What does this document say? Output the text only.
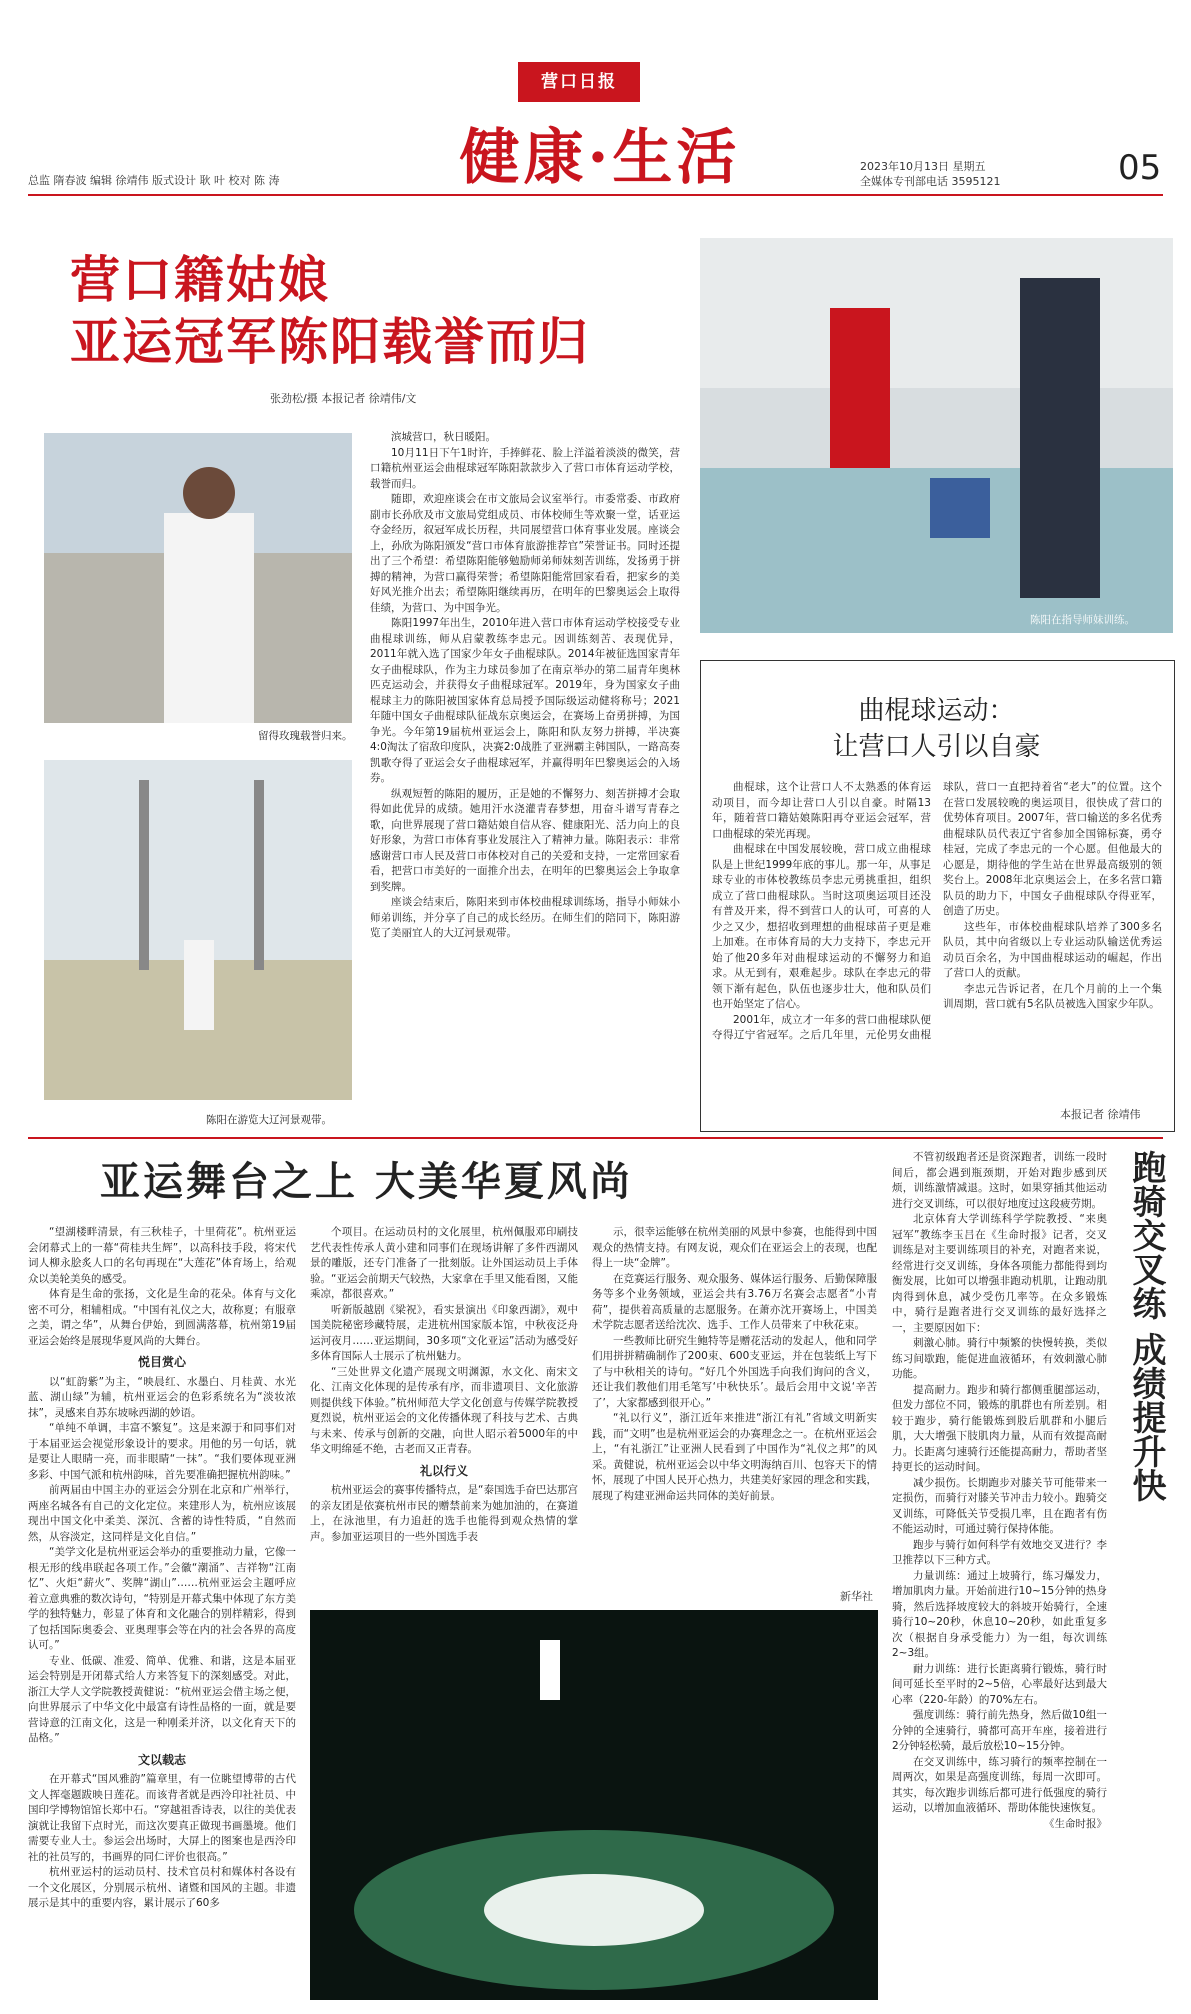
营口日报
健康·生活
总监 隋春波 编辑 徐靖伟 版式设计 耿 叶 校对 陈 涛
2023年10月13日 星期五
全媒体专刊部电话 3595121	05
营口籍姑娘
亚运冠军陈阳载誉而归
张劲松/摄 本报记者 徐靖伟/文
陈阳在指导师妹训练。
留得玫瑰载誉归来。
陈阳在游览大辽河景观带。

滨城营口，秋日暖阳。

10月11日下午1时许，手捧鲜花、脸上洋溢着淡淡的微笑，营口籍杭州亚运会曲棍球冠军陈阳款款步入了营口市体育运动学校，载誉而归。

随即，欢迎座谈会在市文旅局会议室举行。市委常委、市政府副市长孙欣及市文旅局党组成员、市体校师生等欢聚一堂，话亚运夺金经历，叙冠军成长历程，共同展望营口体育事业发展。座谈会上，孙欣为陈阳颁发“营口市体育旅游推荐官”荣誉证书。同时还提出了三个希望：希望陈阳能够勉励师弟师妹刻苦训练，发扬勇于拼搏的精神，为营口赢得荣誉；希望陈阳能常回家看看，把家乡的美好风光推介出去；希望陈阳继续再历，在明年的巴黎奥运会上取得佳绩，为营口、为中国争光。

陈阳1997年出生，2010年进入营口市体育运动学校接受专业曲棍球训练，师从启蒙教练李忠元。因训练刻苦、表现优异，2011年就入选了国家少年女子曲棍球队。2014年被征选国家青年女子曲棍球队，作为主力球员参加了在南京举办的第二届青年奥林匹克运动会，并获得女子曲棍球冠军。2019年，身为国家女子曲棍球主力的陈阳被国家体育总局授予国际级运动健将称号；2021年随中国女子曲棍球队征战东京奥运会，在赛场上奋勇拼搏，为国争光。今年第19届杭州亚运会上，陈阳和队友努力拼搏，半决赛4:0淘汰了宿敌印度队，决赛2:0战胜了亚洲霸主韩国队，一路高奏凯歌夺得了亚运会女子曲棍球冠军，并赢得明年巴黎奥运会的入场券。

纵观短暂的陈阳的履历，正是她的不懈努力、刻苦拼搏才会取得如此优异的成绩。她用汗水浇灌青春梦想，用奋斗谱写青春之歌，向世界展现了营口籍姑娘自信从容、健康阳光、活力向上的良好形象，为营口市体育事业发展注入了精神力量。陈阳表示：非常感谢营口市人民及营口市体校对自己的关爱和支持，一定常回家看看，把营口市美好的一面推介出去，在明年的巴黎奥运会上争取拿到奖牌。

座谈会结束后，陈阳来到市体校曲棍球训练场，指导小师妹小师弟训练，并分享了自己的成长经历。在师生们的陪同下，陈阳游览了美丽宜人的大辽河景观带。

曲棍球运动：
让营口人引以自豪

曲棍球，这个让营口人不太熟悉的体育运动项目，而今却让营口人引以自豪。时隔13年，随着营口籍姑娘陈阳再夺亚运会冠军，营口曲棍球的荣光再现。

曲棍球在中国发展较晚，营口成立曲棍球队是上世纪1999年底的事儿。那一年，从事足球专业的市体校教练员李忠元勇挑重担，组织成立了营口曲棍球队。当时这项奥运项目还没有普及开来，得不到营口人的认可，可喜的人少之又少，想招收到理想的曲棍球苗子更是难上加难。在市体育局的大力支持下，李忠元开始了他20多年对曲棍球运动的不懈努力和追求。从无到有，艰难起步。球队在李忠元的带领下渐有起色，队伍也逐步壮大，他和队员们也开始坚定了信心。

2001年，成立才一年多的营口曲棍球队便夺得辽宁省冠军。之后几年里，元伦男女曲棍球队，营口一直把持着省“老大”的位置。这个在营口发展较晚的奥运项目，很快成了营口的优势体育项目。2007年，营口输送的多名优秀曲棍球队员代表辽宁省参加全国锦标赛，勇夺桂冠，完成了李忠元的一个心愿。但他最大的心愿是，期待他的学生站在世界最高级别的领奖台上。2008年北京奥运会上，在多名营口籍队员的助力下，中国女子曲棍球队夺得亚军，创造了历史。

这些年，市体校曲棍球队培养了300多名队员，其中向省级以上专业运动队输送优秀运动员百余名，为中国曲棍球运动的崛起，作出了营口人的贡献。

李忠元告诉记者，在几个月前的上一个集训周期，营口就有5名队员被选入国家少年队。

本报记者 徐靖伟
亚运舞台之上 大美华夏风尚

“望湖楼畔清景，有三秋桂子，十里荷花”。杭州亚运会闭幕式上的一幕“荷桂共生辉”，以高科技手段，将宋代词人柳永脍炙人口的名句再现在“大莲花”体育场上，给观众以美轮美奂的感受。

体育是生命的张扬，文化是生命的花朵。体育与文化密不可分，相辅相成。“中国有礼仪之大，故称夏；有服章之美，谓之华”，从舞台伊始，到圆满落幕，杭州第19届亚运会始终是展现华夏风尚的大舞台。

悦目赏心

以“虹韵紫”为主，“映晨红、水墨白、月桂黄、水光蓝、湖山绿”为辅，杭州亚运会的色彩系统名为“淡妆浓抹”，灵感来自苏东坡咏西湖的妙语。

“单纯不单调，丰富不繁复”。这是来源于和同事们对于本届亚运会视觉形象设计的要求。用他的另一句话，就是要让人眼睛一亮，而非眼睛“一抹”。“我们要体现亚洲多彩、中国气派和杭州韵味，首先要准确把握杭州韵味。”

前两届由中国主办的亚运会分别在北京和广州举行，两座名城各有自己的文化定位。来建形人为，杭州应该展现出中国文化中柔美、深沉、含蓄的诗性特质，“自然而然，从容淡定，这同样是文化自信。”

“美学文化是杭州亚运会举办的重要推动力量，它像一根无形的线串联起各项工作。”会徽“潮涌”、吉祥物“江南忆”、火炬“薪火”、奖牌“湖山”……杭州亚运会主题呼应着立意典雅的数次诗句，“特别是开幕式集中体现了东方美学的独特魅力，彰显了体育和文化融合的别样精彩，得到了包括国际奥委会、亚奥理事会等在内的社会各界的高度认可。”

专业、低碳、准爱、简单、优雅、和谐，这是本届亚运会特别是开闭幕式给人方来答复下的深刻感受。对此，浙江大学人文学院教授黄健说：“杭州亚运会借主场之便，向世界展示了中华文化中最富有诗性品格的一面，就是要营诗意的江南文化，这是一种刚柔并济，以文化育天下的品格。”

文以载志

在开幕式“国风雅韵”篇章里，有一位眺望博带的古代文人挥毫题跋映日莲花。而该背者就是西泠印社社员、中国印学博物馆馆长郑中石。“穿越祖香诗表，以往的美优表演就让我留下点时光，而这次要真正做现书画墨境。他们需要专业人士。参运会出场时，大屏上的图案也是西泠印社的社员写的，书画界的同仁评价也很高。”

杭州亚运村的运动员村、技术官员村和媒体村各设有一个文化展区，分别展示杭州、诸暨和国风的主题。非遗展示是其中的重要内容，累计展示了60多

个项目。在运动员村的文化展里，杭州佩服邓印刷技艺代表性传承人黄小建和同事们在现场讲解了多件西湖风景的雕版，还专门准备了一批刻版。让外国运动员上手体验。“亚运会前期天气较热，大家拿在手里又能看图，又能乘凉，都很喜欢。”

听新版越剧《梁祝》，看实景演出《印象西湖》，观中国美院秘密珍藏特展，走进杭州国家版本馆，中秋夜泛舟运河夜月……亚运期间，30多项“文化亚运”活动为感受好多体育国际人士展示了杭州魅力。

“三处世界文化遗产展现文明渊源，水文化、南宋文化、江南文化体现的是传承有序，而非遗项目、文化旅游则提供线下体验。”杭州师范大学文化创意与传媒学院教授夏烈说，杭州亚运会的文化传播体现了科技与艺术、古典与未来、传承与创新的交融，向世人昭示着5000年的中华文明绵延不绝，古老而又正青春。

礼以行义

杭州亚运会的赛事传播特点，是“泰国选手奋巴达那宫的亲友团是依赛杭州市民的赠禁前来为她加油的，在赛道上，在泳池里，有力追赶的选手也能得到观众热情的掌声。参加亚运项目的一些外国选手表

示，很幸运能够在杭州美丽的风景中参赛，也能得到中国观众的热情支持。有网友说，观众们在亚运会上的表现，也配得上一块“金牌”。

在竞赛运行服务、观众服务、媒体运行服务、后勤保障服务等多个业务领域，亚运会共有3.76万名赛会志愿者“小青荷”，提供着高质量的志愿服务。在萧亦沈开赛场上，中国美术学院志愿者送给沈次、选手、工作人员带来了中秋花束。

一些教师比研究生鲍特等是赠花活动的发起人，他和同学们用拼拼精确制作了200束、600支亚运，并在包装纸上写下了与中秋相关的诗句。“好几个外国选手向我们询问的含义，还让我们教他们用毛笔写‘中秋快乐’。最后会用中文说‘辛苦了’，大家都感到很开心。”

“礼以行义”，浙江近年来推进“浙江有礼”省域文明新实践，而“文明”也是杭州亚运会的办赛理念之一。在杭州亚运会上，“有礼浙江”让亚洲人民看到了中国作为“礼仪之邦”的风采。黄健说，杭州亚运会以中华文明海纳百川、包容天下的情怀，展现了中国人民开心热力，共建美好家园的理念和实践，展现了构建亚洲命运共同体的美好前景。

新华社
跑骑交叉练 成绩提升快

不管初级跑者还是资深跑者，训练一段时间后，都会遇到瓶颈期，开始对跑步感到厌烦，训练激情减退。这时，如果穿插其他运动进行交叉训练，可以很好地度过这段疲劳期。

北京体育大学训练科学学院教授、“来奥冠军”教练李玉吕在《生命时报》记者，交叉训练是对主要训练项目的补充，对跑者来说，经常进行交叉训练，身体各项能力都能得到均衡发展，比如可以增强非跑动机肌，让跑动肌肉得到休息，减少受伤几率等。在众多锻炼中，骑行是跑者进行交叉训练的最好选择之一，主要原因如下：

刺激心肺。骑行中频繁的快慢转换，类似练习间歇跑，能促进血液循环，有效刺激心肺功能。

提高耐力。跑步和骑行都侧重腿部运动，但发力部位不同，锻炼的肌群也有所差别。相较于跑步，骑行能锻炼到股后肌群和小腿后肌，大大增强下肢肌肉力量，从而有效提高耐力。长距离匀速骑行还能提高耐力，帮助者坚持更长的运动时间。

减少损伤。长期跑步对膝关节可能带来一定损伤，而骑行对膝关节冲击力较小。跑骑交叉训练，可降低关节受损几率，且在跑者有伤不能运动时，可通过骑行保持体能。

跑步与骑行如何科学有效地交叉进行？李卫推荐以下三种方式。

力量训练：通过上坡骑行，练习爆发力，增加肌肉力量。开始前进行10~15分钟的热身骑，然后选择坡度较大的斜坡开始骑行，全速骑行10~20秒，休息10~20秒，如此重复多次（根据自身承受能力）为一组，每次训练2~3组。

耐力训练：进行长距离骑行锻炼，骑行时间可延长至平时的2~5倍，心率最好达到最大心率（220-年龄）的70%左右。

强度训练：骑行前先热身，然后做10组一分钟的全速骑行，骑都可高开车座，接着进行2分钟轻松骑，最后放松10~15分钟。

在交叉训练中，练习骑行的频率控制在一周两次，如果是高强度训练，每周一次即可。其实，每次跑步训练后都可进行低强度的骑行运动，以增加血液循环、帮助体能快速恢复。

《生命时报》
